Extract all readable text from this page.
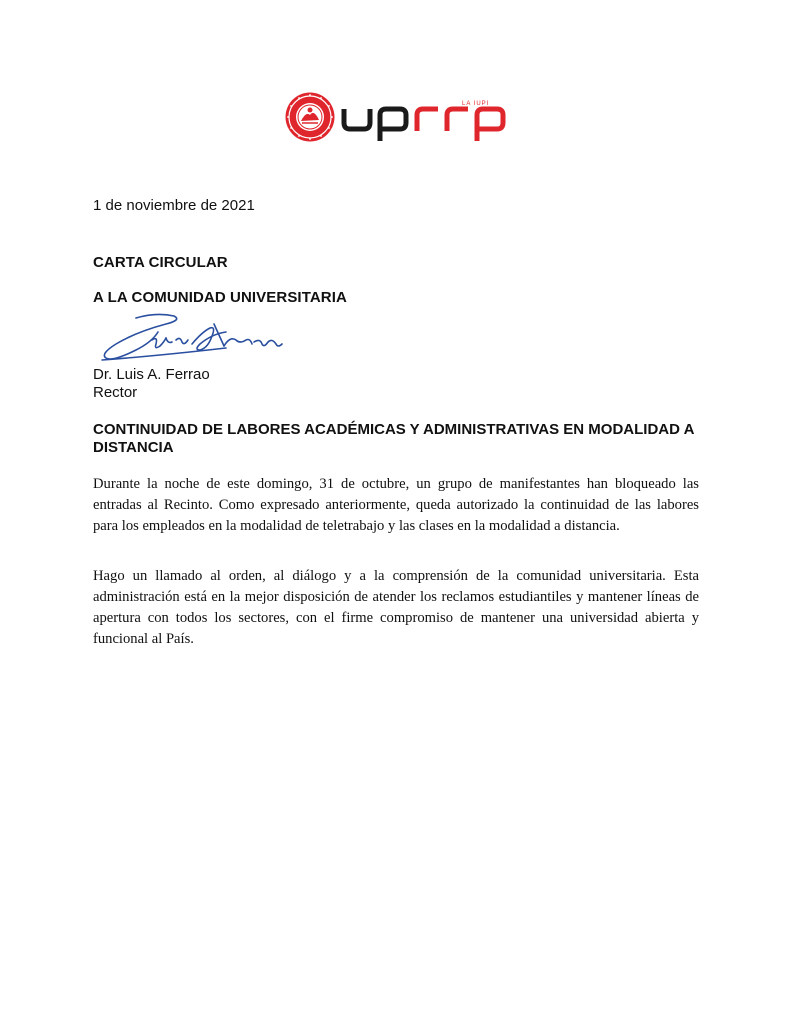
LA IUPI
1 de noviembre de 2021
CARTA CIRCULAR
A LA COMUNIDAD UNIVERSITARIA
Dr. Luis A. Ferrao
Rector
CONTINUIDAD DE LABORES ACADÉMICAS Y ADMINISTRATIVAS EN MODALIDAD A DISTANCIA

Durante la noche de este domingo, 31 de octubre, un grupo de manifestantes han bloqueado las entradas al Recinto. Como expresado anteriormente, queda autorizado la continuidad de las labores para los empleados en la modalidad de teletrabajo y las clases en la modalidad a distancia.

Hago un llamado al orden, al diálogo y a la comprensión de la comunidad universitaria. Esta administración está en la mejor disposición de atender los reclamos estudiantiles y mantener líneas de apertura con todos los sectores, con el firme compromiso de mantener una universidad abierta y funcional al País.
